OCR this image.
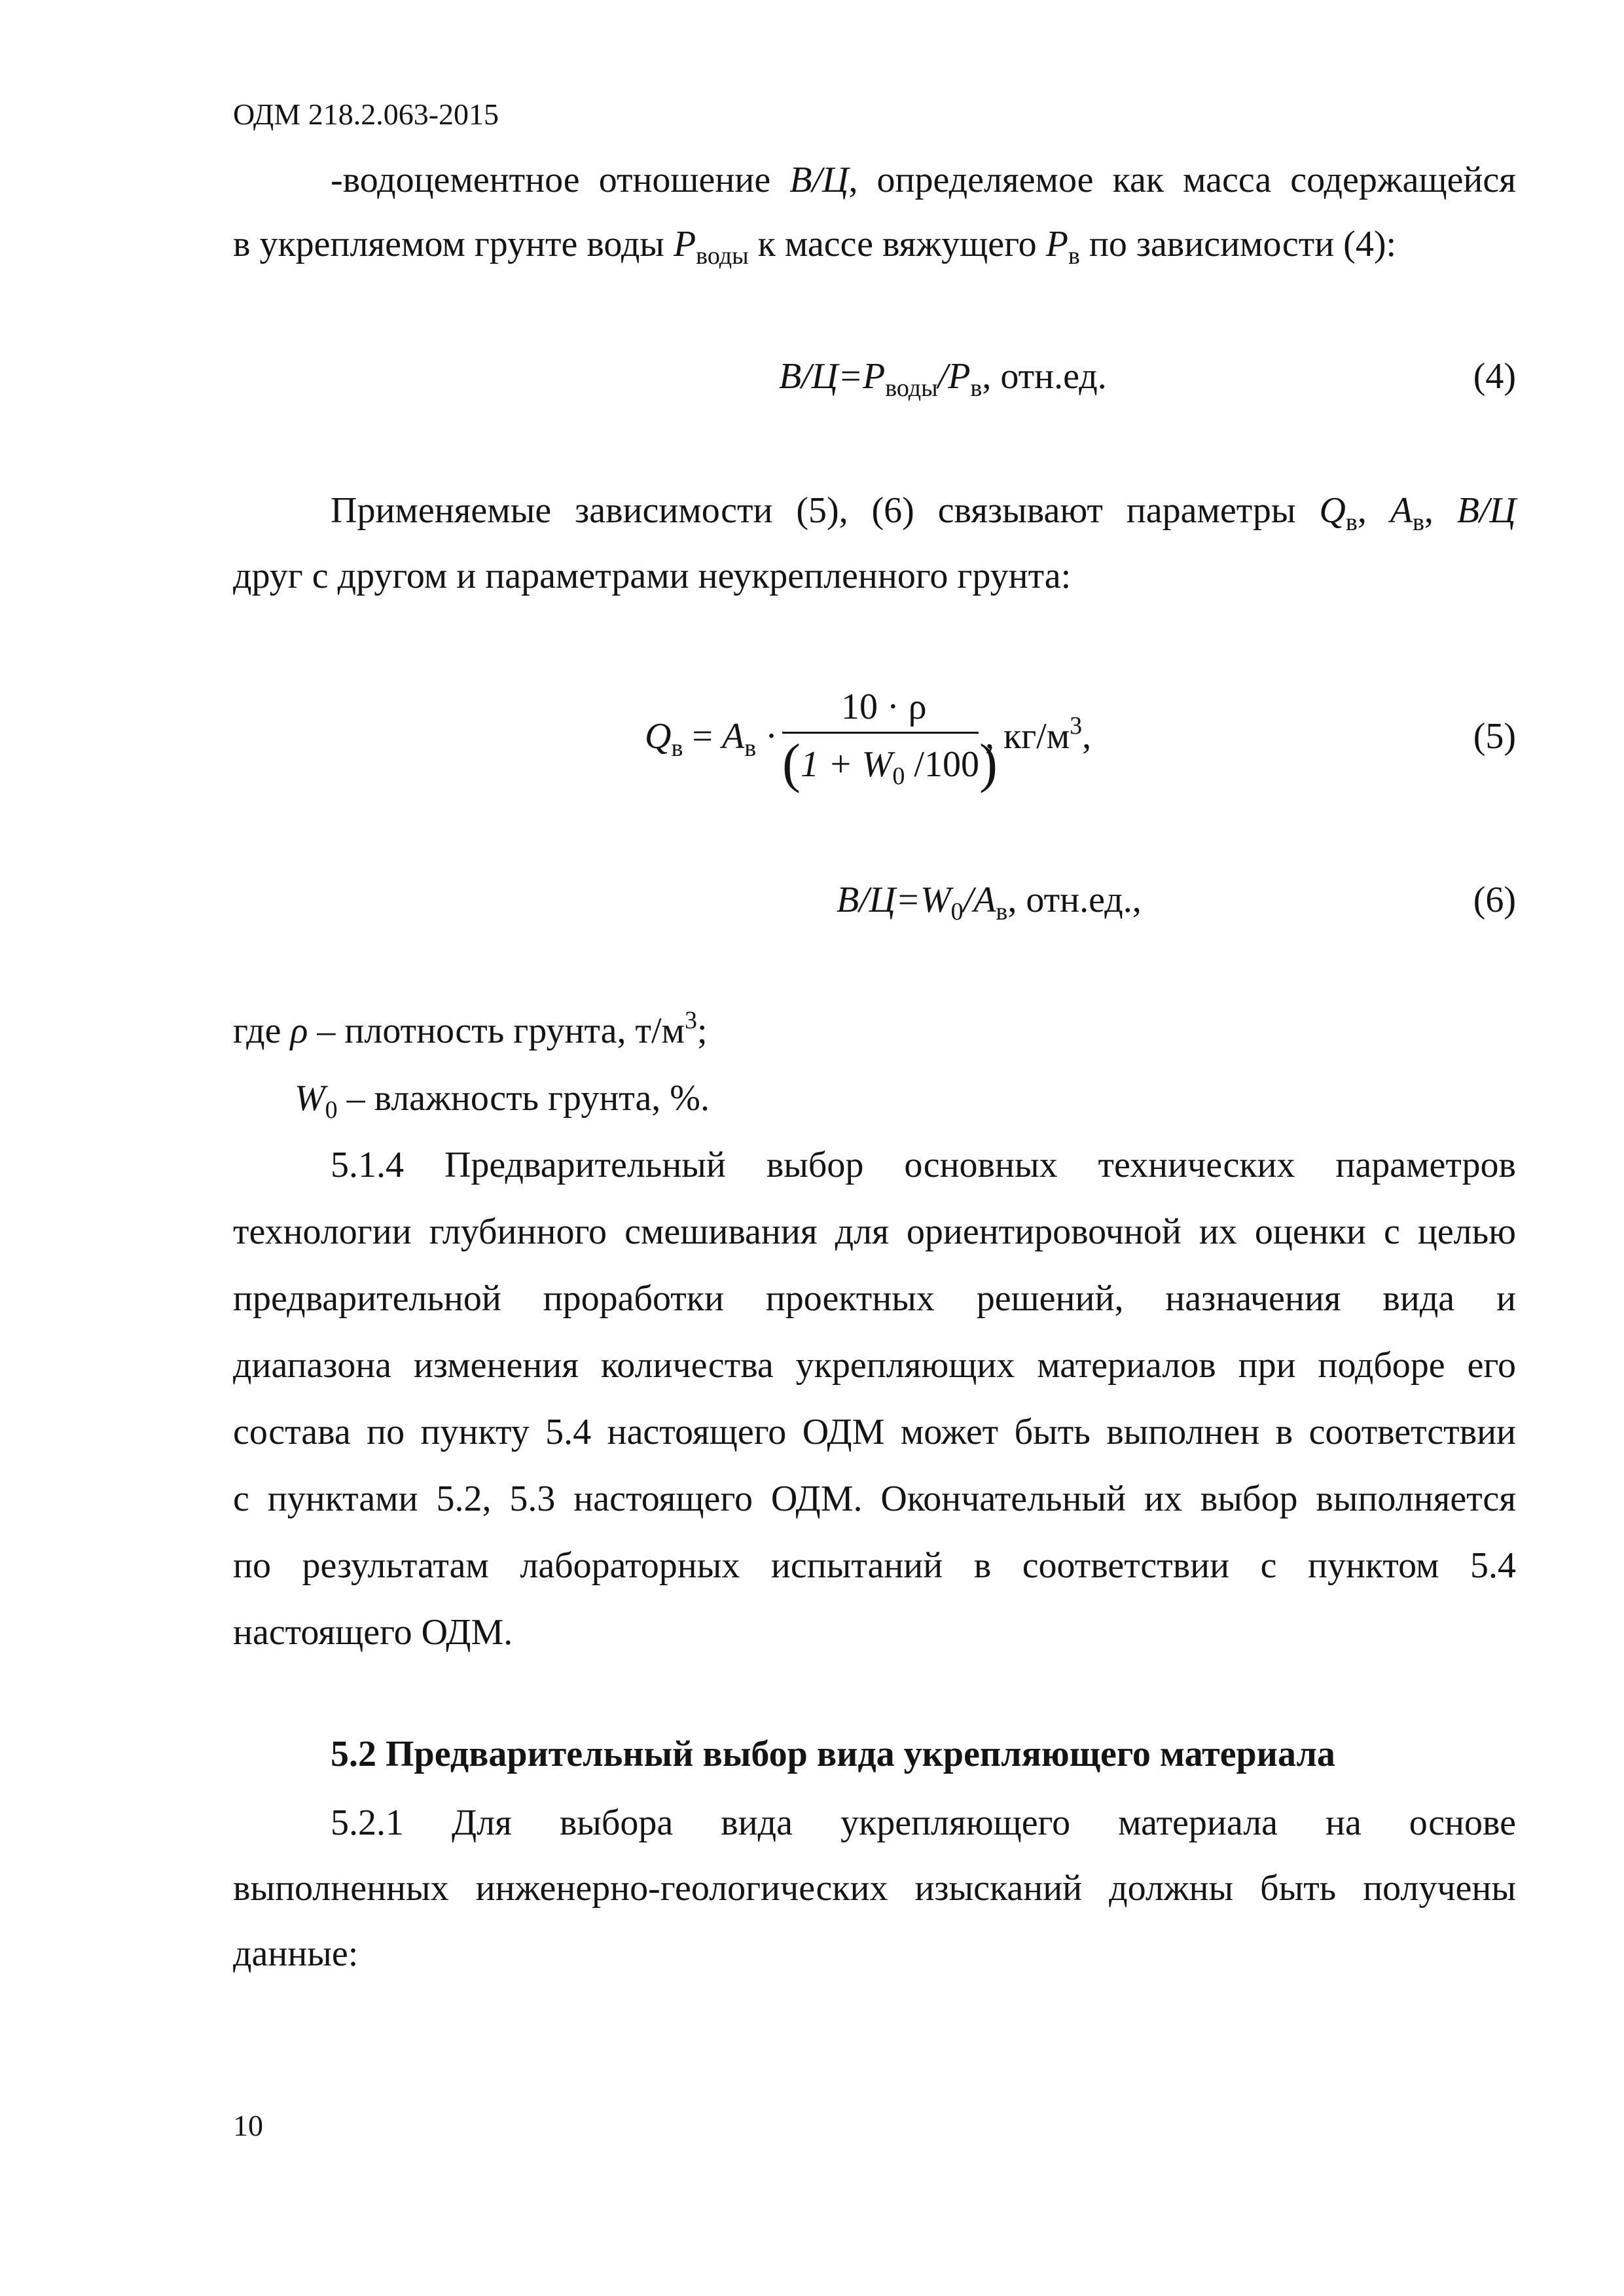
ОДМ 218.2.063-2015
-водоцементное отношение В/Ц, определяемое как масса содержащейся
в укрепляемом грунте воды $Р_{воды}$ к массе вяжущего $Р_в$ по зависимости (4):
$В/Ц=Р_{воды}/Р_в$, отн.ед.	(4)
Применяемые зависимости (5), (6) связывают параметры $Q_в$, $А_в$, В/Ц
друг с другом и параметрами неукрепленного грунта:
$Q_в = A_в$ ·
10 · ρ
($1 + W_0$ /100)
, $кг/м^3$,	(5)
$В/Ц=W_0/A_в$, отн.ед.,	(6)
где ρ – плотность грунта, $т/м^3$;
$W_0$ – влажность грунта, %.
5.1.4 Предварительный выбор основных технических параметров
технологии глубинного смешивания для ориентировочной их оценки с целью
предварительной проработки проектных решений, назначения вида и
диапазона изменения количества укрепляющих материалов при подборе его
состава по пункту 5.4 настоящего ОДМ может быть выполнен в соответствии
с пунктами 5.2, 5.3 настоящего ОДМ. Окончательный их выбор выполняется
по результатам лабораторных испытаний в соответствии с пунктом 5.4
настоящего ОДМ.
5.2 Предварительный выбор вида укрепляющего материала
5.2.1 Для выбора вида укрепляющего материала на основе
выполненных инженерно-геологических изысканий должны быть получены
данные:
10
